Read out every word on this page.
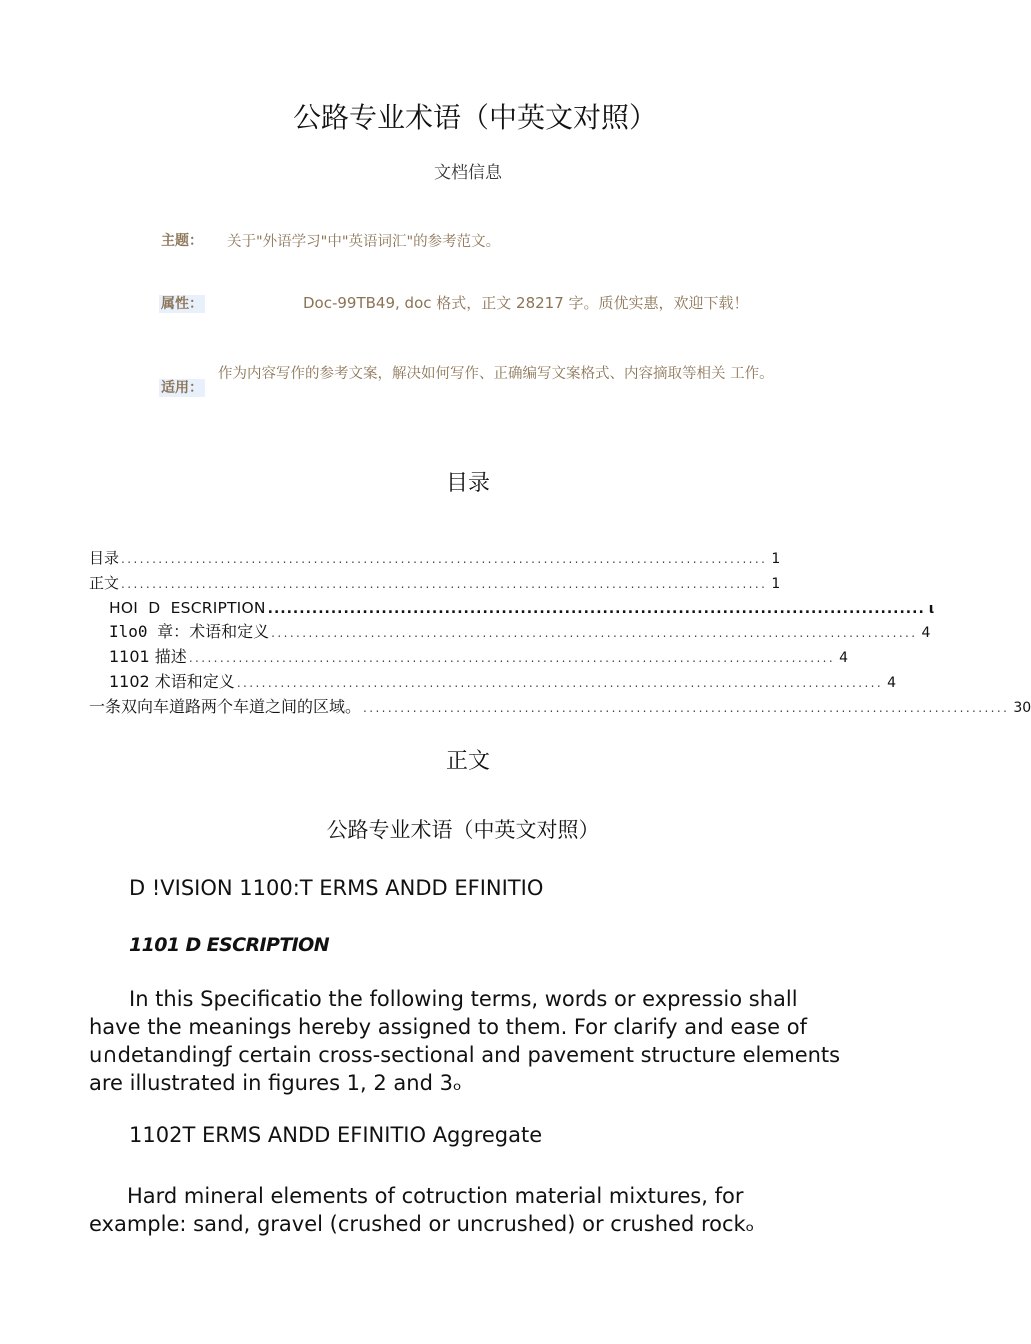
公路专业术语（中英文对照）
文档信息
主题： 关于"外语学习"中"英语词汇"的参考范文。
属性：	Doc-99TB49, doc 格式，正文 28217 字。质优实惠，欢迎下载！
适用：
作为内容写作的参考文案，解决如何写作、正确编写文案格式、内容摘取等相关 工作。
目录
目录 ........................................................................................................ 1
正文 ........................................................................................................ 1
HOI  D  ESCRIPTION ........................................................................................................ ι
Ilo0 章：术语和定义 ........................................................................................................ 4
1101 描述 ........................................................................................................ 4
1102 术语和定义 ........................................................................................................ 4
一条双向车道路两个车道之间的区域。 ........................................................................................................ 30
正文
公路专业术语（中英文对照）
D !VISION 1100:T ERMS ANDD EFINITIO
1101 D ESCRIPTION
In this Specificatio the following terms, words or expressio shall have the meanings hereby assigned to them. For clarify and ease of u∩detandingƒ certain cross-sectional and pavement structure elements are illustrated in figures 1, 2 and 3ₒ
1102T ERMS ANDD EFINITIO Aggregate
Hard mineral elements of cotruction material mixtures, for example: sand, gravel (crushed or uncrushed) or crushed rockₒ
